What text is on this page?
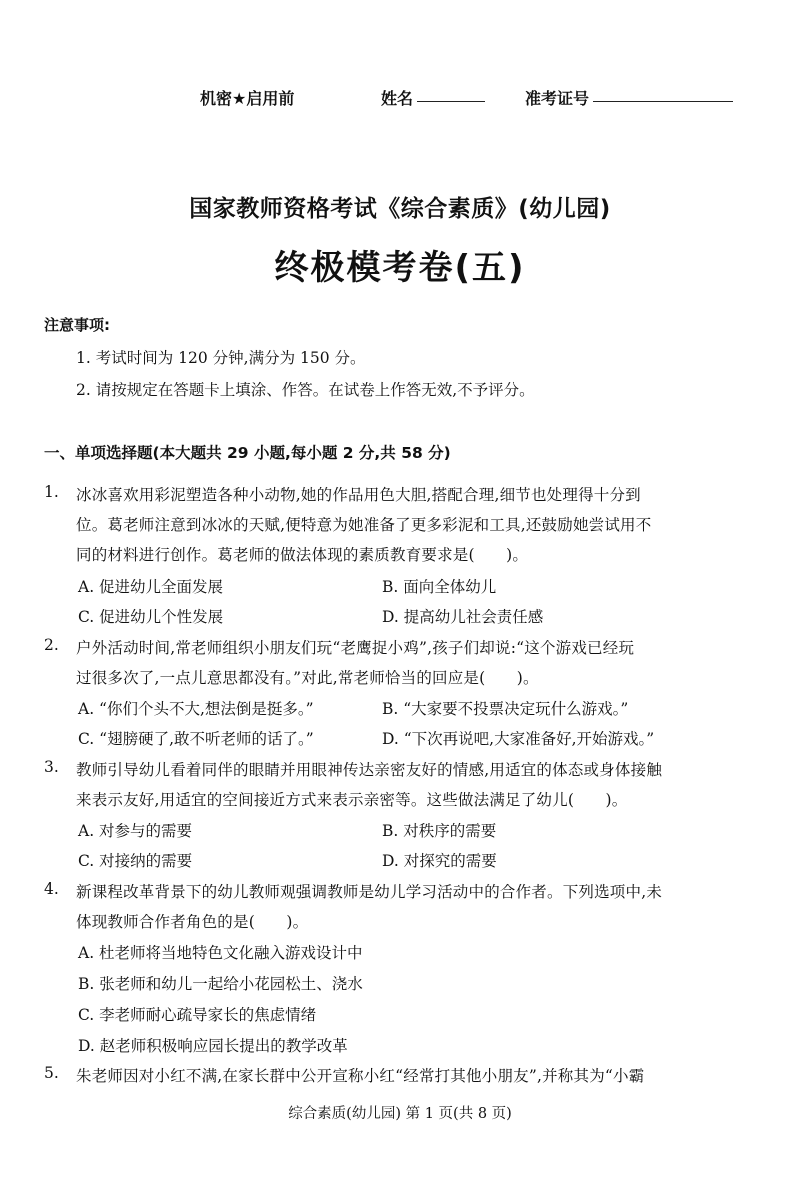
机密★启用前	姓名	准考证号
国家教师资格考试《综合素质》(幼儿园)
终极模考卷(五)
注意事项:
1. 考试时间为 120 分钟,满分为 150 分。
2. 请按规定在答题卡上填涂、作答。在试卷上作答无效,不予评分。
一、单项选择题(本大题共 29 小题,每小题 2 分,共 58 分)
1. 冰冰喜欢用彩泥塑造各种小动物,她的作品用色大胆,搭配合理,细节也处理得十分到
位。葛老师注意到冰冰的天赋,便特意为她准备了更多彩泥和工具,还鼓励她尝试用不
同的材料进行创作。葛老师的做法体现的素质教育要求是(　　)。
A. 促进幼儿全面发展	B. 面向全体幼儿
C. 促进幼儿个性发展	D. 提高幼儿社会责任感
2. 户外活动时间,常老师组织小朋友们玩“老鹰捉小鸡”,孩子们却说:“这个游戏已经玩
过很多次了,一点儿意思都没有。”对此,常老师恰当的回应是(　　)。
A. “你们个头不大,想法倒是挺多。”	B. “大家要不投票决定玩什么游戏。”
C. “翅膀硬了,敢不听老师的话了。”	D. “下次再说吧,大家准备好,开始游戏。”
3. 教师引导幼儿看着同伴的眼睛并用眼神传达亲密友好的情感,用适宜的体态或身体接触
来表示友好,用适宜的空间接近方式来表示亲密等。这些做法满足了幼儿(　　)。
A. 对参与的需要	B. 对秩序的需要
C. 对接纳的需要	D. 对探究的需要
4. 新课程改革背景下的幼儿教师观强调教师是幼儿学习活动中的合作者。下列选项中,未
体现教师合作者角色的是(　　)。
A. 杜老师将当地特色文化融入游戏设计中
B. 张老师和幼儿一起给小花园松土、浇水
C. 李老师耐心疏导家长的焦虑情绪
D. 赵老师积极响应园长提出的教学改革
5. 朱老师因对小红不满,在家长群中公开宣称小红“经常打其他小朋友”,并称其为“小霸
综合素质(幼儿园) 第 1 页(共 8 页)
